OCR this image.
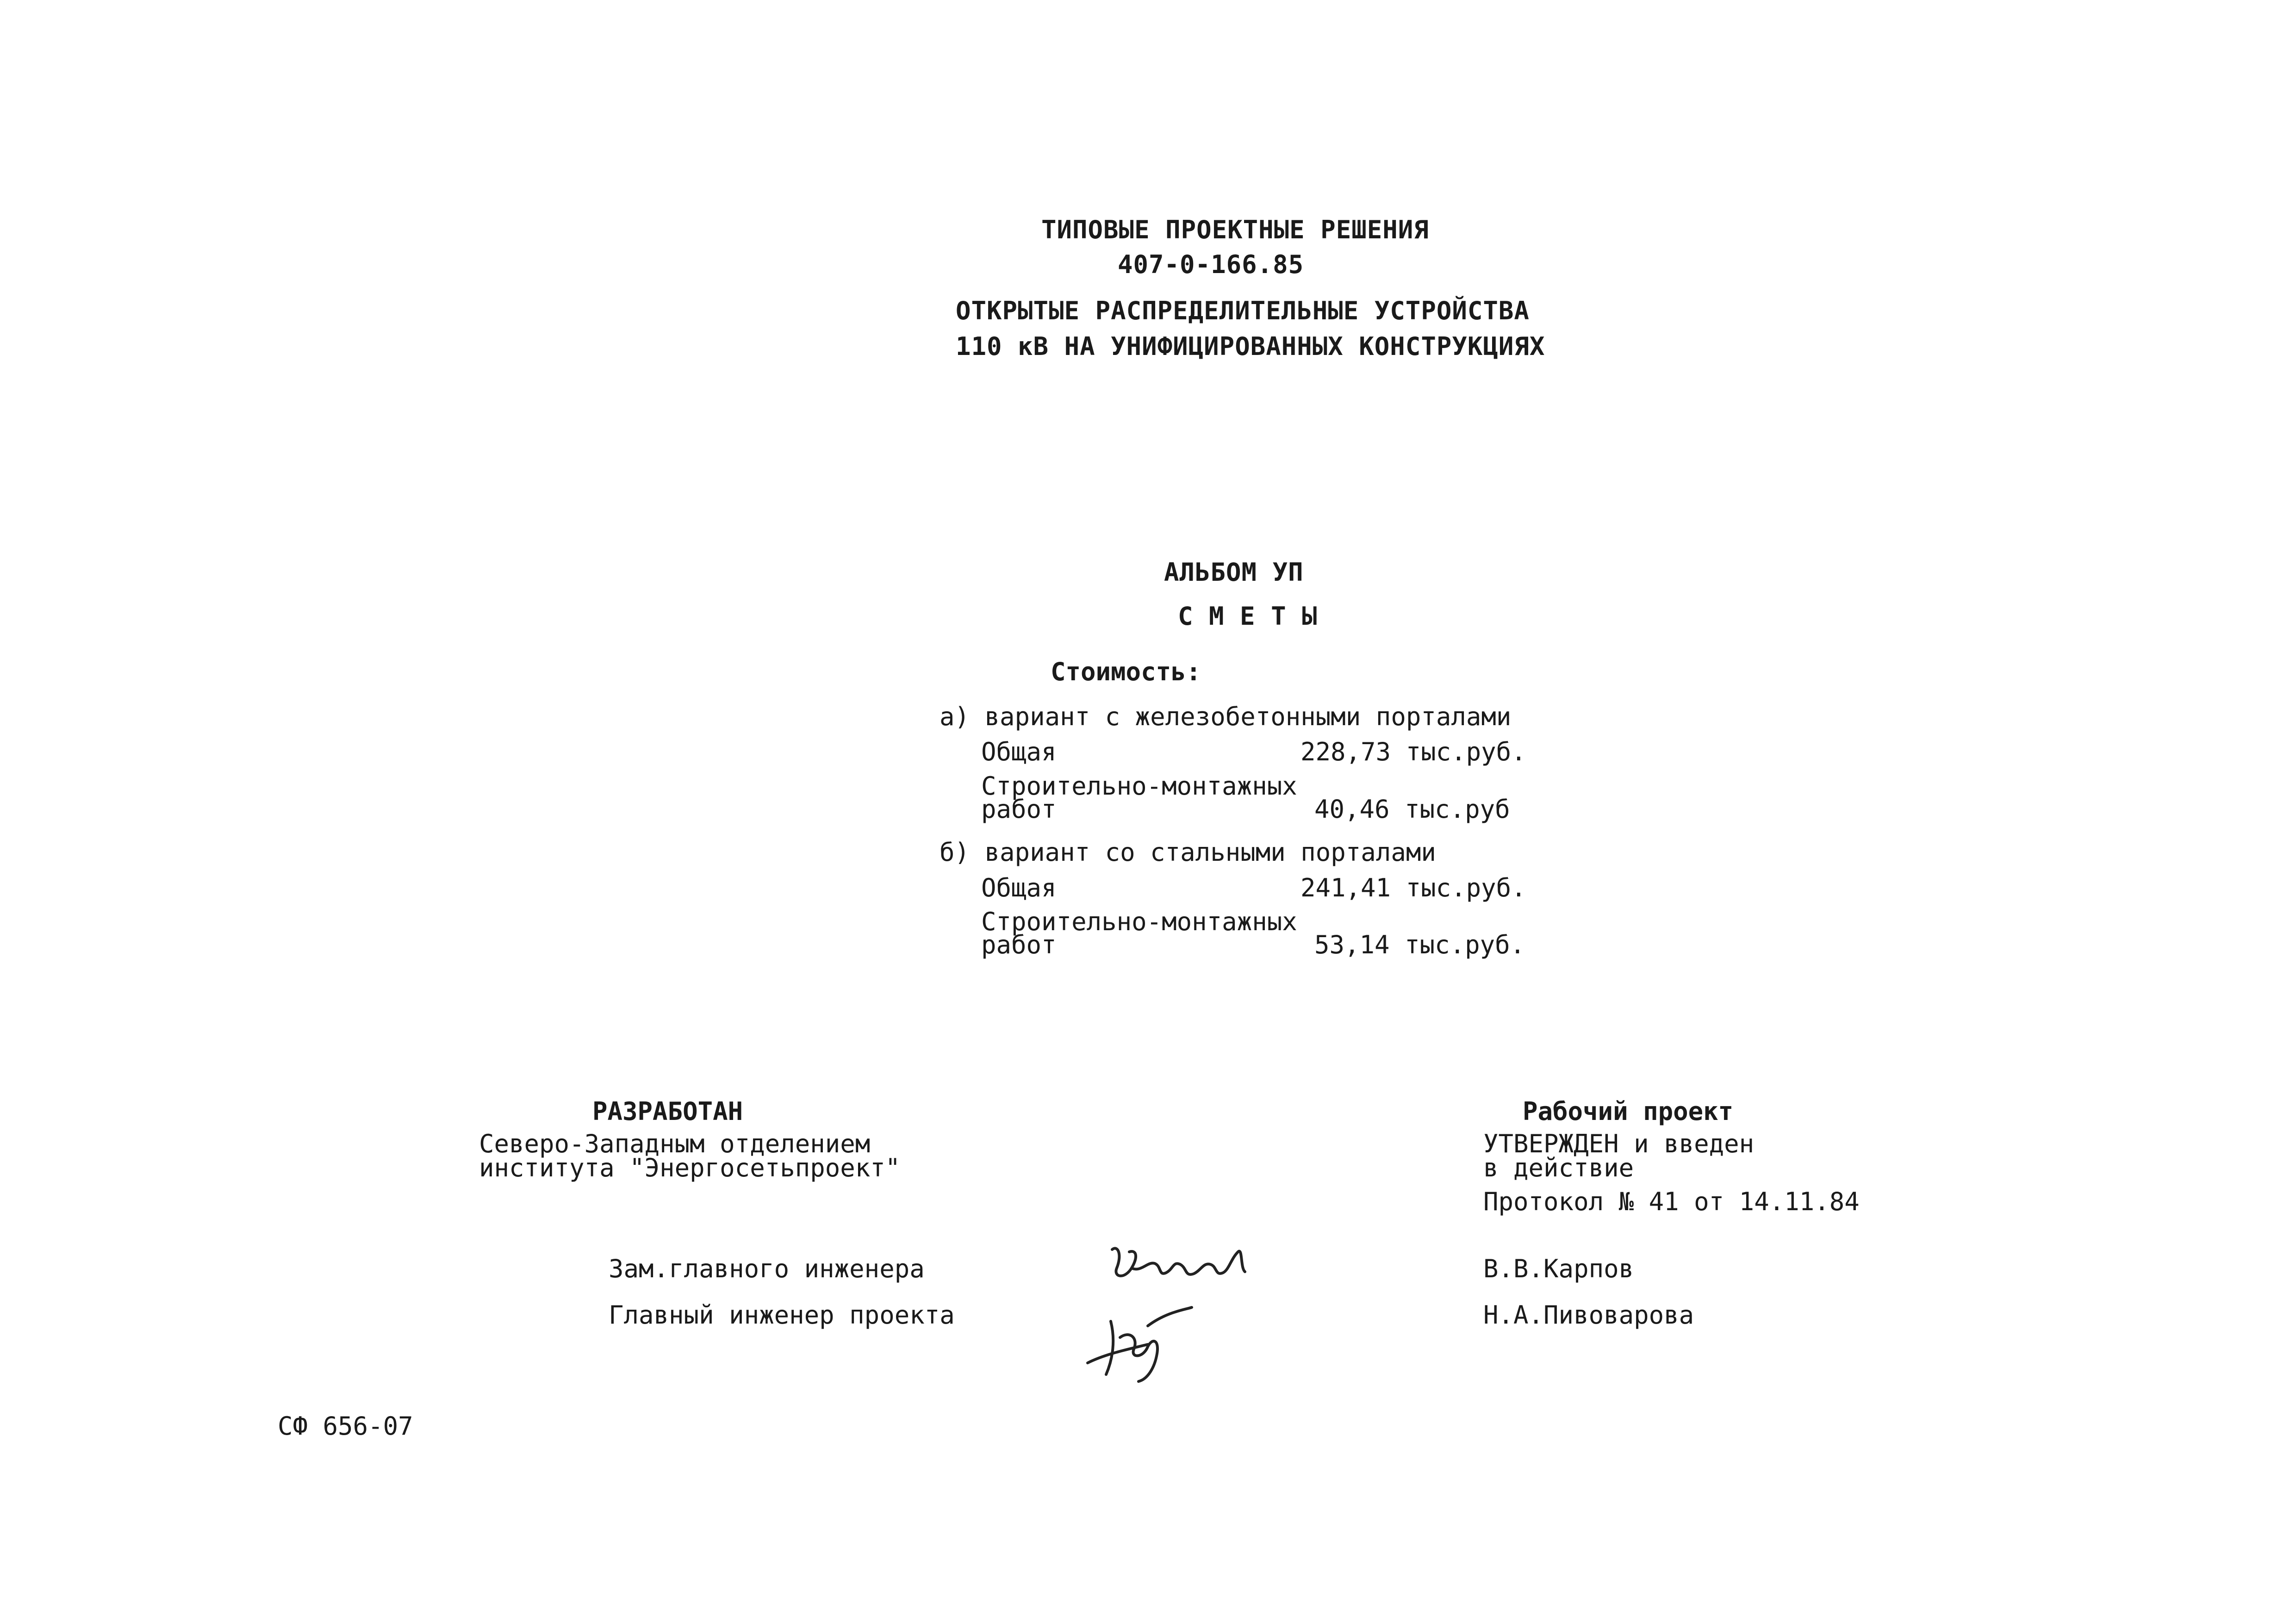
ТИПОВЫЕ ПРОЕКТНЫЕ РЕШЕНИЯ
407-0-166.85
ОТКРЫТЫЕ РАСПРЕДЕЛИТЕЛЬНЫЕ УСТРОЙСТВА
110 кВ НА УНИФИЦИРОВАННЫХ КОНСТРУКЦИЯХ
АЛЬБОМ УП
С М Е Т Ы
Стоимость:
а) вариант с железобетонными порталами
Общая	228,73 тыс.руб.
Строительно-монтажных
работ	40,46 тыс.руб
б) вариант со стальными порталами
Общая	241,41 тыс.руб.
Строительно-монтажных
работ	53,14 тыс.руб.
РАЗРАБОТАН
Северо-Западным отделением
института "Энергосетьпроект"
Рабочий проект
УТВЕРЖДЕН и введен
в действие
Протокол № 41 от 14.11.84
Зам.главного инженера	В.В.Карпов
Главный инженер проекта	Н.А.Пивоварова
СФ 656-07
